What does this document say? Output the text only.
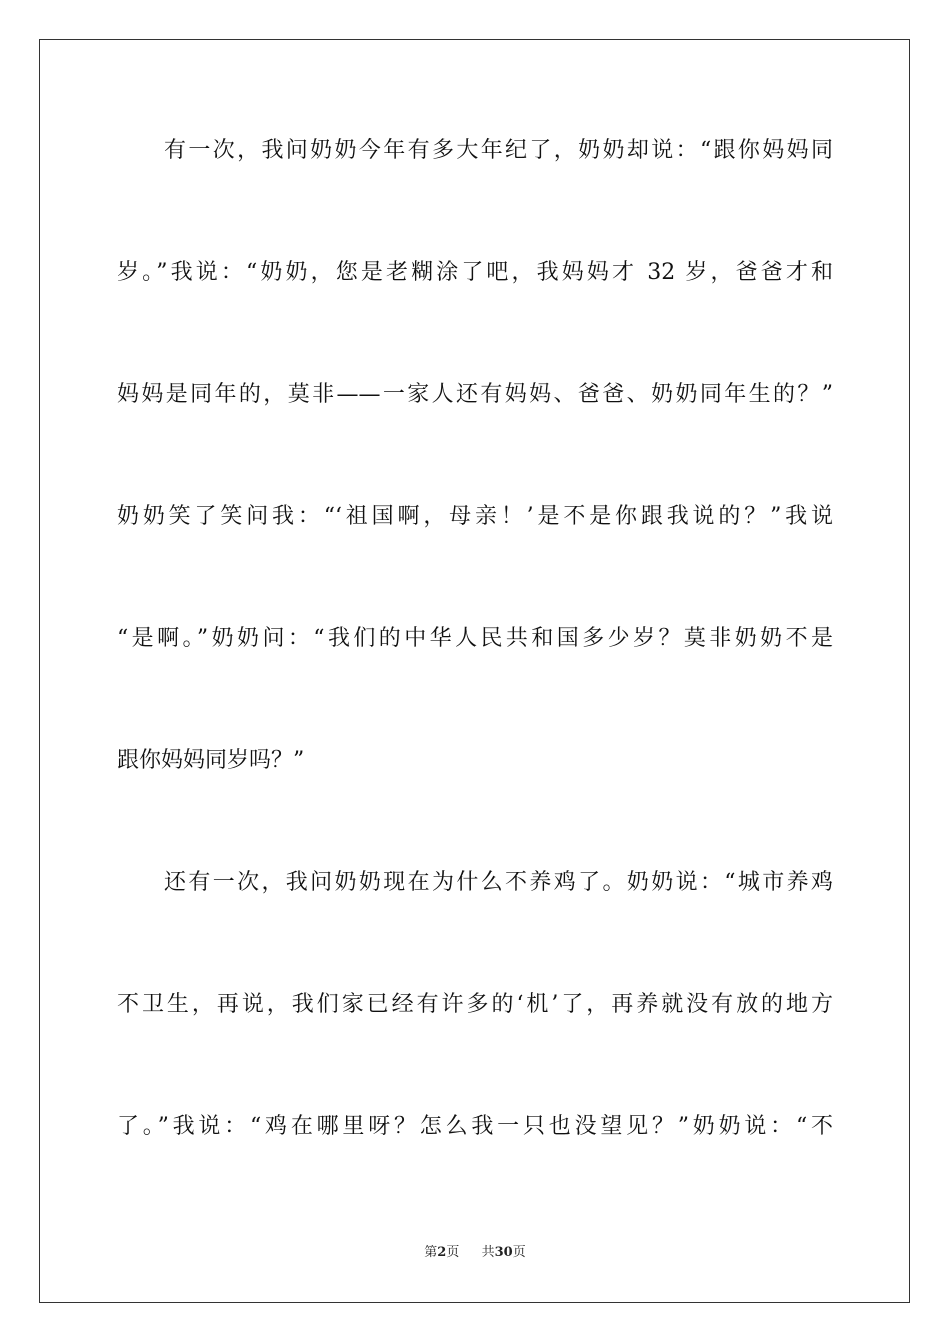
有一次，我问奶奶今年有多大年纪了，奶奶却说：“跟你妈妈同
岁。”我说：“奶奶，您是老糊涂了吧，我妈妈才 32 岁，爸爸才和
妈妈是同年的，莫非——一家人还有妈妈、爸爸、奶奶同年生的？”
奶奶笑了笑问我：“‘祖国啊，母亲！’是不是你跟我说的？”我说
“是啊。”奶奶问：“我们的中华人民共和国多少岁？莫非奶奶不是
跟你妈妈同岁吗？”
还有一次，我问奶奶现在为什么不养鸡了。奶奶说：“城市养鸡
不卫生，再说，我们家已经有许多的‘机’了，再养就没有放的地方
了。”我说：“鸡在哪里呀？怎么我一只也没望见？”奶奶说：“不
第2页 共30页
